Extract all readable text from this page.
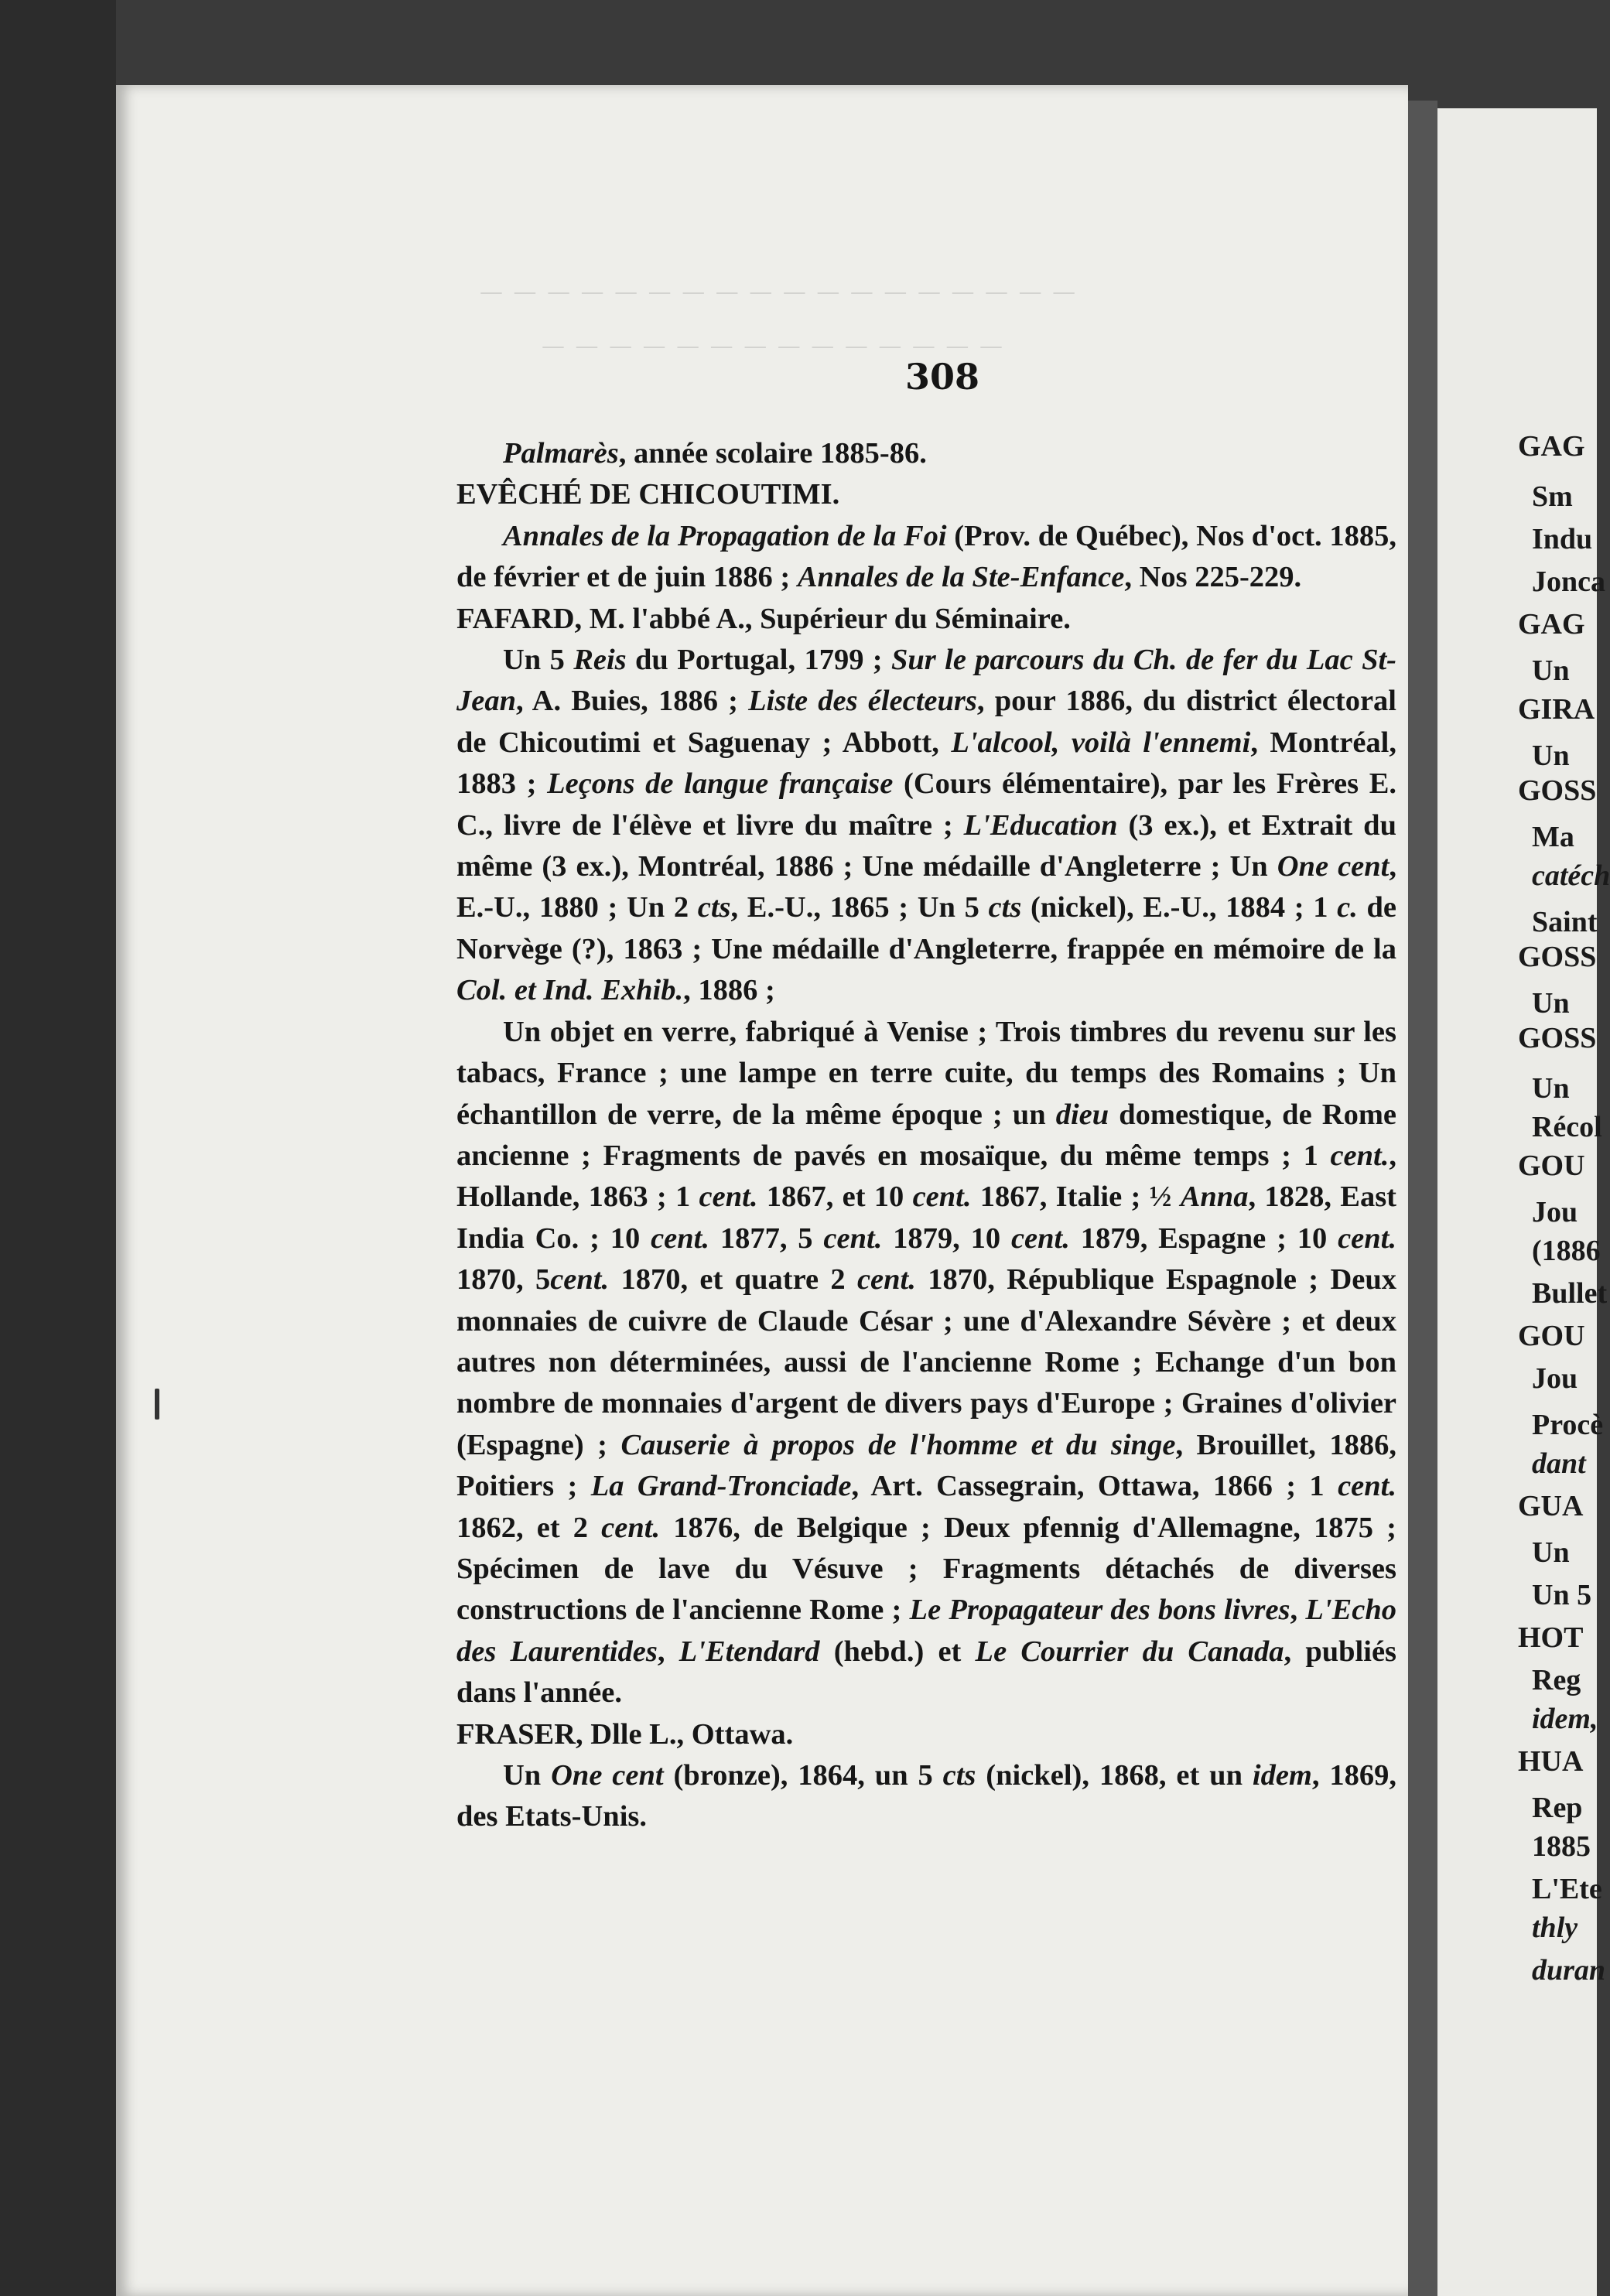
— — — — — — — — — — — — — — — — — —
— — — — — — — — — — — — — —
308

Palmarès, année scolaire 1885-86.

EVÊCHÉ DE CHICOUTIMI.

Annales de la Propagation de la Foi (Prov. de Québec), Nos d'oct. 1885, de février et de juin 1886 ; Annales de la Ste-Enfance, Nos 225-229.

FAFARD, M. l'abbé A., Supérieur du Séminaire.

Un 5 Reis du Portugal, 1799 ; Sur le parcours du Ch. de fer du Lac St-Jean, A. Buies, 1886 ; Liste des électeurs, pour 1886, du district électoral de Chicoutimi et Saguenay ; Abbott, L'alcool, voilà l'ennemi, Montréal, 1883 ; Leçons de langue française (Cours élémentaire), par les Frères E. C., livre de l'élève et livre du maître ; L'Education (3 ex.), et Extrait du même (3 ex.), Montréal, 1886 ; Une médaille d'Angleterre ; Un One cent, E.-U., 1880 ; Un 2 cts, E.-U., 1865 ; Un 5 cts (nickel), E.-U., 1884 ; 1 c. de Norvège (?), 1863 ; Une médaille d'Angleterre, frappée en mémoire de la Col. et Ind. Exhib., 1886 ;

Un objet en verre, fabriqué à Venise ; Trois timbres du revenu sur les tabacs, France ; une lampe en terre cuite, du temps des Romains ; Un échantillon de verre, de la même époque ; un dieu domestique, de Rome ancienne ; Fragments de pavés en mosaïque, du même temps ; 1 cent., Hollande, 1863 ; 1 cent. 1867, et 10 cent. 1867, Italie ; ½ Anna, 1828, East India Co. ; 10 cent. 1877, 5 cent. 1879, 10 cent. 1879, Espagne ; 10 cent. 1870, 5cent. 1870, et quatre 2 cent. 1870, République Espagnole ; Deux monnaies de cuivre de Claude César ; une d'Alexandre Sévère ; et deux autres non déterminées, aussi de l'ancienne Rome ; Echange d'un bon nombre de monnaies d'argent de divers pays d'Europe ; Graines d'olivier (Espagne) ; Causerie à propos de l'homme et du singe, Brouillet, 1886, Poitiers ; La Grand-Tronciade, Art. Cassegrain, Ottawa, 1866 ; 1 cent. 1862, et 2 cent. 1876, de Belgique ; Deux pfennig d'Allemagne, 1875 ; Spécimen de lave du Vésuve ; Fragments détachés de diverses constructions de l'ancienne Rome ; Le Propagateur des bons livres, L'Echo des Laurentides, L'Etendard (hebd.) et Le Courrier du Canada, publiés dans l'année.

FRASER, Dlle L., Ottawa.

Un One cent (bronze), 1864, un 5 cts (nickel), 1868, et un idem, 1869, des Etats-Unis.

GAG
Sm
Indu
Jonca
GAG
Un
GIRA
Un
GOSS
Ma
catéch
Saint
GOSS
Un
GOSS
Un
Récol
GOU
Jou
(1886
Bullet
GOU
Jou
Procè
dant
GUA
Un
Un 5
HOT
Reg
idem,
HUA
Rep
1885
L'Ete
thly
duran
